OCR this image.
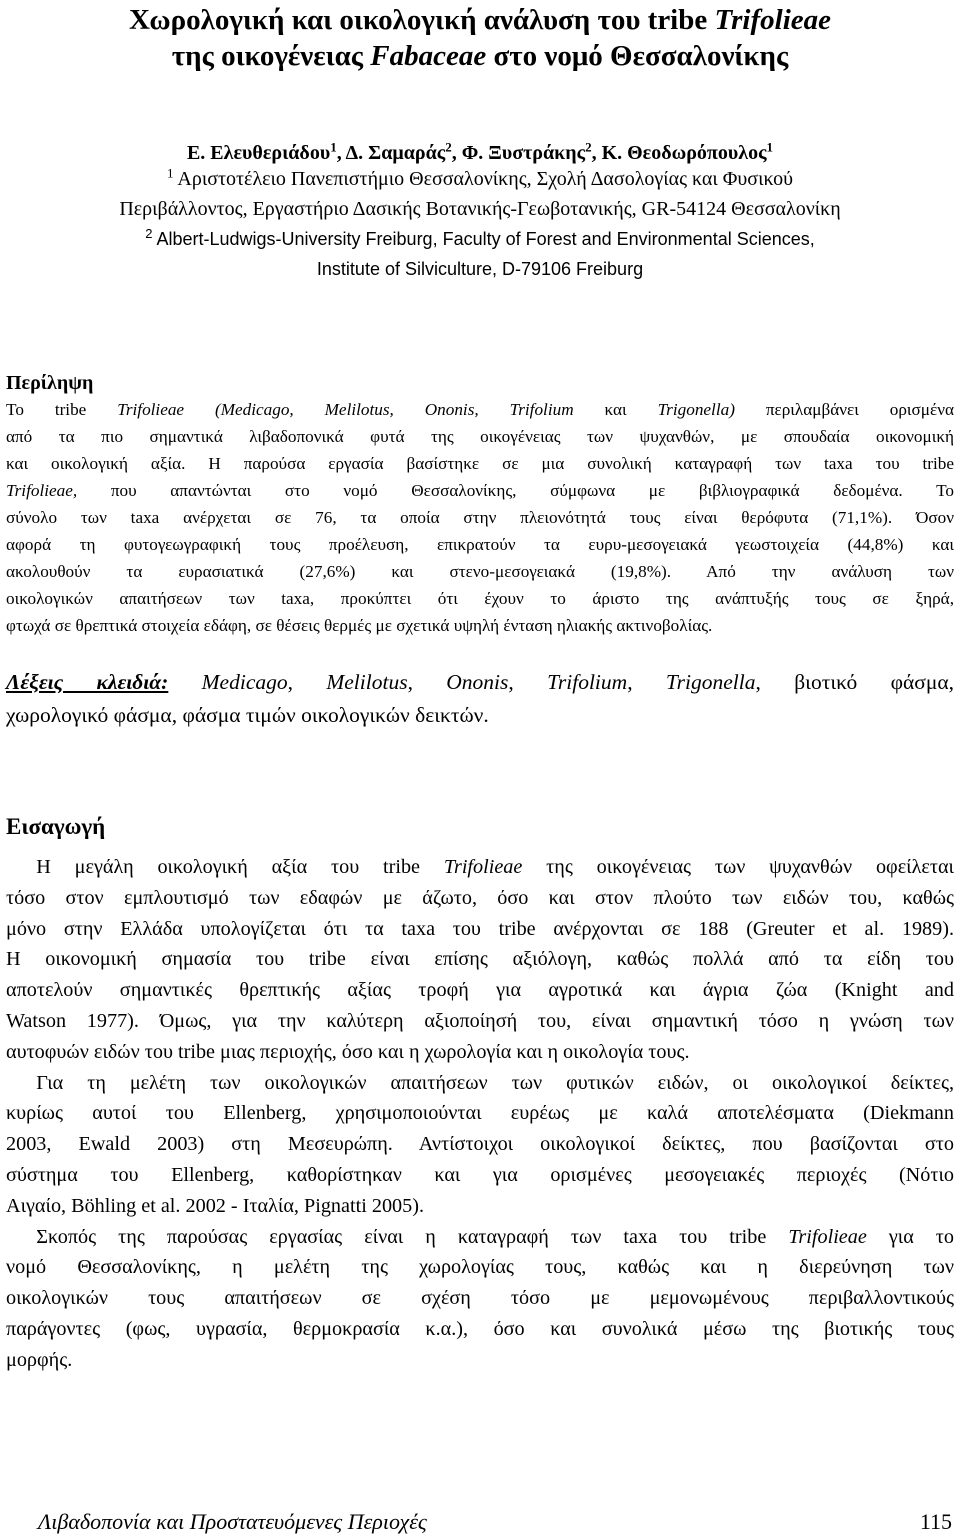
Χωρολογική και οικολογική ανάλυση του tribe Trifolieae
της οικογένειας Fabaceae στο νομό Θεσσαλονίκης
Ε. Ελευθεριάδου$^1$, Δ. Σαμαράς$^2$, Φ. Ξυστράκης$^2$, Κ. Θεοδωρόπουλος$^1$
$^1$ Αριστοτέλειο Πανεπιστήμιο Θεσσαλονίκης, Σχολή Δασολογίας και Φυσικού
Περιβάλλοντος, Εργαστήριο Δασικής Βοτανικής-Γεωβοτανικής, GR-54124 Θεσσαλονίκη
$^2$ Albert-Ludwigs-University Freiburg, Faculty of Forest and Environmental Sciences,
Institute of Silviculture, D-79106 Freiburg
Περίληψη
Το tribe Trifolieae (Medicago, Melilotus, Ononis, Trifolium και Trigonella) περιλαμβάνει ορισμένα
από τα πιο σημαντικά λιβαδοπονικά φυτά της οικογένειας των ψυχανθών, με σπουδαία οικονομική
και οικολογική αξία. Η παρούσα εργασία βασίστηκε σε μια συνολική καταγραφή των taxa του tribe
Trifolieae, που απαντώνται στο νομό Θεσσαλονίκης, σύμφωνα με βιβλιογραφικά δεδομένα. Το
σύνολο των taxa ανέρχεται σε 76, τα οποία στην πλειονότητά τους είναι θερόφυτα (71,1%). Όσον
αφορά τη φυτογεωγραφική τους προέλευση, επικρατούν τα ευρυ-μεσογειακά γεωστοιχεία (44,8%) και
ακολουθούν τα ευρασιατικά (27,6%) και στενο-μεσογειακά (19,8%). Από την ανάλυση των
οικολογικών απαιτήσεων των taxa, προκύπτει ότι έχουν το άριστο της ανάπτυξής τους σε ξηρά,
φτωχά σε θρεπτικά στοιχεία εδάφη, σε θέσεις θερμές με σχετικά υψηλή ένταση ηλιακής ακτινοβολίας.
Λέξεις κλειδιά: Medicago, Melilotus, Ononis, Trifolium, Trigonella, βιοτικό φάσμα,
χωρολογικό φάσμα, φάσμα τιμών οικολογικών δεικτών.
Εισαγωγή
  Η μεγάλη οικολογική αξία του tribe Trifolieae της οικογένειας των ψυχανθών οφείλεται
τόσο στον εμπλουτισμό των εδαφών με άζωτο, όσο και στον πλούτο των ειδών του, καθώς
μόνο στην Ελλάδα υπολογίζεται ότι τα taxa του tribe ανέρχονται σε 188 (Greuter et al. 1989).
Η οικονομική σημασία του tribe είναι επίσης αξιόλογη, καθώς πολλά από τα είδη του
αποτελούν σημαντικές θρεπτικής αξίας τροφή για αγροτικά και άγρια ζώα (Knight and
Watson 1977). Όμως, για την καλύτερη αξιοποίησή του, είναι σημαντική τόσο η γνώση των
αυτοφυών ειδών του tribe μιας περιοχής, όσο και η χωρολογία και η οικολογία τους.
  Για τη μελέτη των οικολογικών απαιτήσεων των φυτικών ειδών, οι οικολογικοί δείκτες,
κυρίως αυτοί του Ellenberg, χρησιμοποιούνται ευρέως με καλά αποτελέσματα (Diekmann
2003, Ewald 2003) στη Μεσευρώπη. Αντίστοιχοι οικολογικοί δείκτες, που βασίζονται στο
σύστημα του Ellenberg, καθορίστηκαν και για ορισμένες μεσογειακές περιοχές (Νότιο
Αιγαίο, Böhling et al. 2002 - Ιταλία, Pignatti 2005).
  Σκοπός της παρούσας εργασίας είναι η καταγραφή των taxa του tribe Trifolieae για το
νομό Θεσσαλονίκης, η μελέτη της χωρολογίας τους, καθώς και η διερεύνηση των
οικολογικών τους απαιτήσεων σε σχέση τόσο με μεμονωμένους περιβαλλοντικούς
παράγοντες (φως, υγρασία, θερμοκρασία κ.α.), όσο και συνολικά μέσω της βιοτικής τους
μορφής.
Λιβαδοπονία και Προστατευόμενες Περιοχές	115
